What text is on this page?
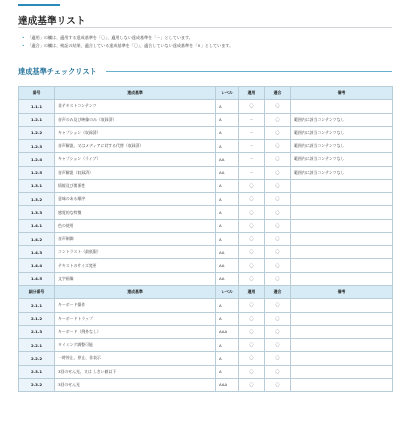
達成基準リスト
• 「適用」の欄は、適用する達成基準を「〇」、適用しない達成基準を「－」としています。
• 「適合」の欄は、検証の結果、適合している達成基準を「〇」、適合していない達成基準を「×」としています。
達成基準チェックリスト
番号	達成基準	レベル	適用	適合	備考
1.1.1	非テキストコンテンツ	A	〇	〇	
1.2.1	音声のみ及び映像のみ（収録済）	A	－	〇	範囲内に該当コンテンツなし
1.2.2	キャプション（収録済）	A	－	〇	範囲内に該当コンテンツなし
1.2.3	音声解説、又はメディアに対する代替（収録済）	A	－	〇	範囲内に該当コンテンツなし
1.2.4	キャプション（ライブ）	AA	－	〇	範囲内に該当コンテンツなし
1.2.5	音声解説（収録済）	AA	－	〇	範囲内に該当コンテンツなし
1.3.1	情報及び関係性	A	〇	〇	
1.3.2	意味のある順序	A	〇	〇	
1.3.3	感覚的な特徴	A	〇	〇	
1.4.1	色の使用	A	〇	〇	
1.4.2	音声制御	A	〇	〇	
1.4.3	コントラスト（最低限）	AA	〇	〇	
1.4.4	テキストのサイズ変更	AA	〇	〇	
1.4.5	文字画像	AA	〇	〇	
細分番号	達成基準	レベル	適用	適合	備考
2.1.1	キーボード操作	A	〇	〇	
2.1.2	キーボードトラップ	A	〇	〇	
2.1.3	キーボード（例外なし）	AAA	〇	〇	
2.2.1	タイミング調整可能	A	〇	〇	
2.2.2	一時停止、停止、非表示	A	〇	〇	
2.3.1	3回のせん光、又は しきい値以下	A	〇	〇	
2.3.2	3回のせん光	AAA	〇	〇	
